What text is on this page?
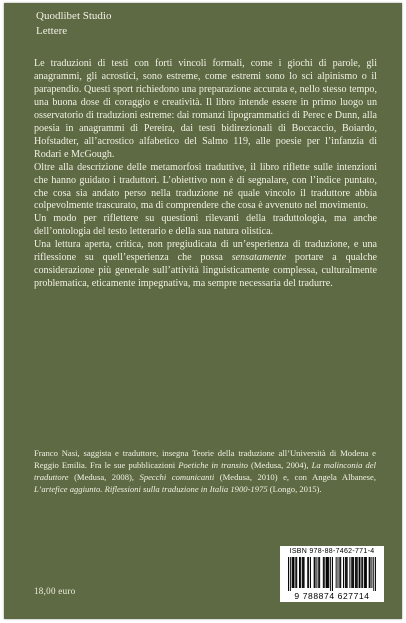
Quodlibet Studio
Lettere

Le traduzioni di testi con forti vincoli formali, come i giochi di parole, gli anagrammi, gli acrostici, sono estreme, come estremi sono lo sci alpinismo o il parapendio. Questi sport richiedono una preparazione accurata e, nello stesso tempo, una buona dose di coraggio e creatività. Il libro intende essere in primo luogo un osservatorio di traduzioni estreme: dai romanzi lipogrammatici di Perec e Dunn, alla poesia in anagrammi di Pereira, dai testi bidirezionali di Boccaccio, Boiardo, Hofstadter, all’acrostico alfabetico del Salmo 119, alle poesie per l’infanzia di Rodari e McGough.

Oltre alla descrizione delle metamorfosi traduttive, il libro riflette sulle intenzioni che hanno guidato i traduttori. L’obiettivo non è di segnalare, con l’indice puntato, che cosa sia andato perso nella traduzione né quale vincolo il traduttore abbia colpevolmente trascurato, ma di comprendere che cosa è avvenuto nel movimento.

Un modo per riflettere su questioni rilevanti della traduttologia, ma anche dell’ontologia del testo letterario e della sua natura olistica.

Una lettura aperta, critica, non pregiudicata di un’esperienza di traduzione, e una riflessione su quell’esperienza che possa sensatamente portare a qualche considerazione più generale sull’attività linguisticamente complessa, culturalmente problematica, eticamente impegnativa, ma sempre necessaria del tradurre.

Franco Nasi, saggista e traduttore, insegna Teorie della traduzione all’Università di Modena e Reggio Emilia. Fra le sue pubblicazioni Poetiche in transito (Medusa, 2004), La malinconia del traduttore (Medusa, 2008), Specchi comunicanti (Medusa, 2010) e, con Angela Albanese, L’artefice aggiunto. Riflessioni sulla traduzione in Italia 1900-1975 (Longo, 2015).

ISBN 978-88-7462-771-4
9 788874 627714
18,00 euro
